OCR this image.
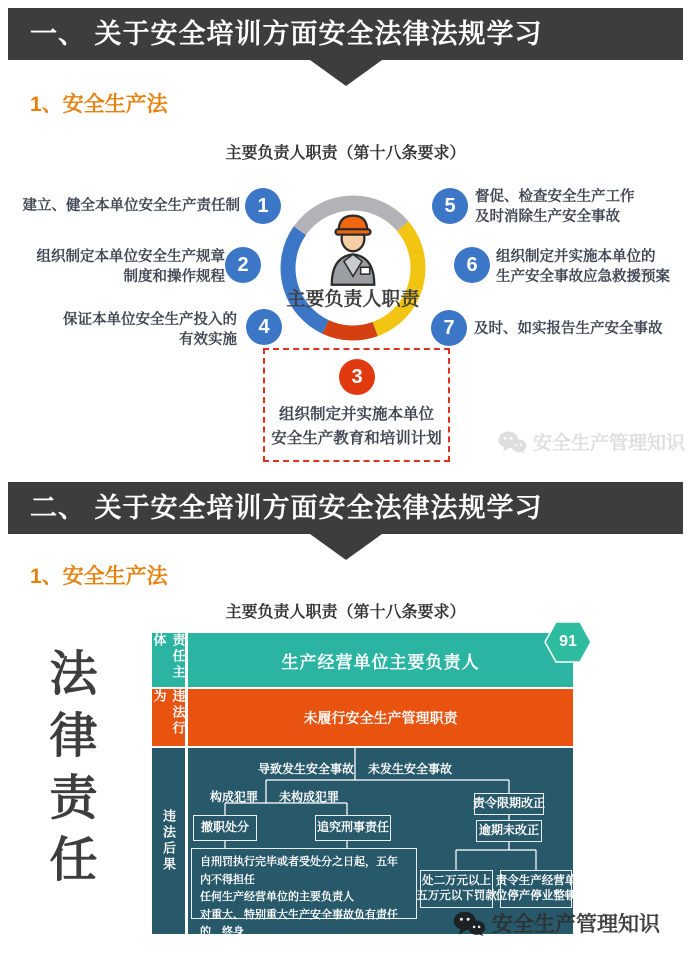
一、 关于安全培训方面安全法律法规学习
1、安全生产法
主要负责人职责（第十八条要求）
主要负责人职责
1
2
4
5
6
7
建立、健全本单位安全生产责任制
组织制定本单位安全生产规章
制度和操作规程
保证本单位安全生产投入的
有效实施
督促、检查安全生产工作
及时消除生产安全事故
组织制定并实施本单位的
生产安全事故应急救援预案
及时、如实报告生产安全事故
3
组织制定并实施本单位
安全生产教育和培训计划	安全生产管理知识
二、 关于安全培训方面安全法律法规学习
1、安全生产法
主要负责人职责（第十八条要求）
法律责任	责任主体
违法行为
违法后果
生产经营单位主要负责人
未履行安全生产管理职责
91
导致发生安全事故 未发生安全事故
构成犯罪 未构成犯罪
撤职处分	追究刑事责任
自刑罚执行完毕或者受处分之日起，五年内不得担任
任何生产经营单位的主要负责人
对重大、特别重大生产安全事故负有责任的，终身
不得担任本行业生产经营单位的主要负责
责令限期改正
逾期未改正
处二万元以上
五万元以下罚款
责令生产经营单
位停产停业整顿
安全生产管理知识
